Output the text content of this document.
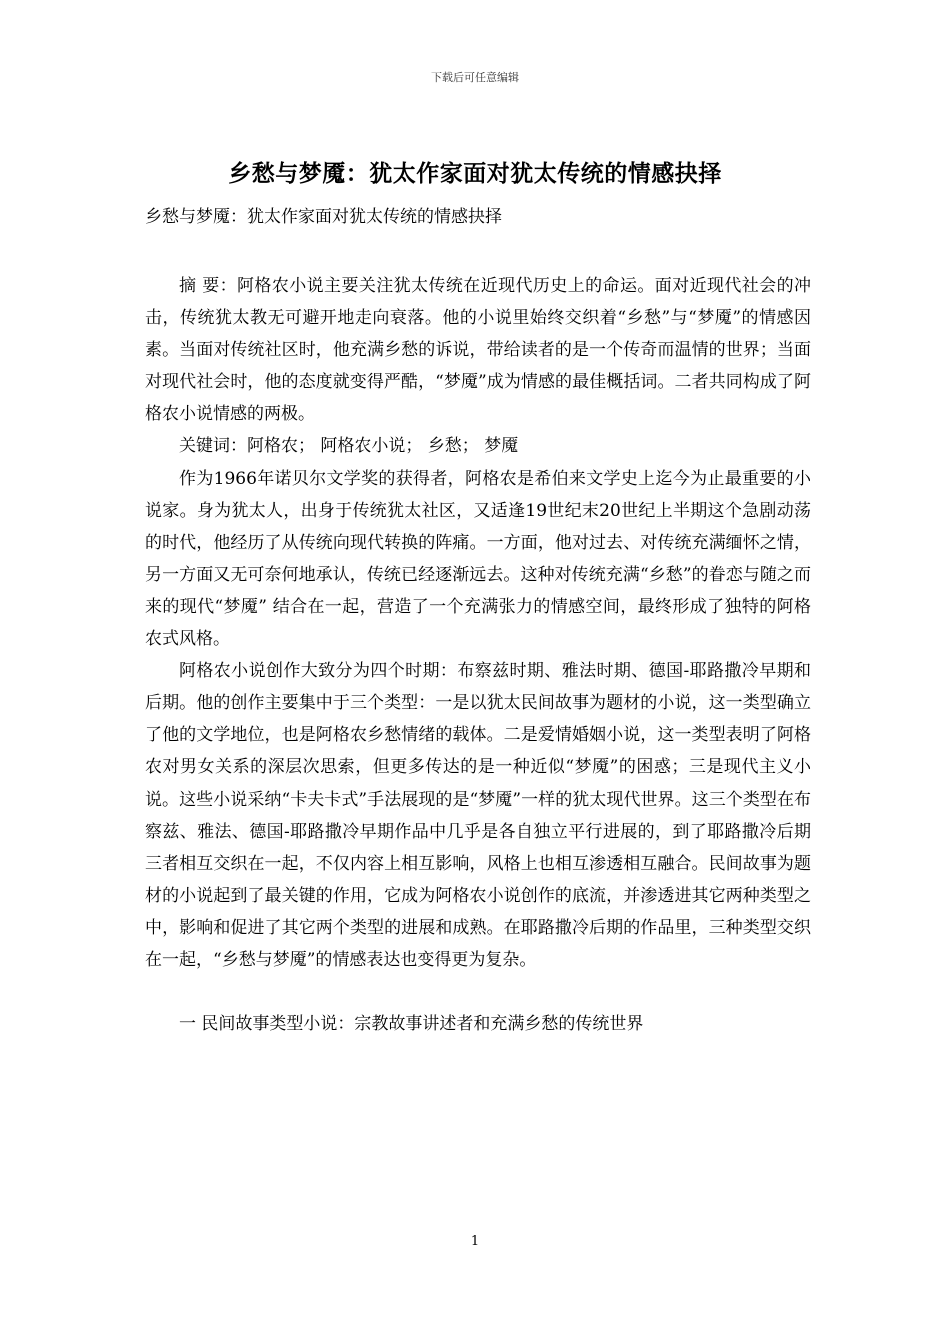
下载后可任意编辑
乡愁与梦魇：犹太作家面对犹太传统的情感抉择
乡愁与梦魇：犹太作家面对犹太传统的情感抉择

摘 要：阿格农小说主要关注犹太传统在近现代历史上的命运。面对近现代社会的冲击，传统犹太教无可避开地走向衰落。他的小说里始终交织着“乡愁”与“梦魇”的情感因素。当面对传统社区时，他充满乡愁的诉说，带给读者的是一个传奇而温情的世界；当面对现代社会时，他的态度就变得严酷，“梦魇”成为情感的最佳概括词。二者共同构成了阿格农小说情感的两极。

关键词：阿格农； 阿格农小说； 乡愁； 梦魇

作为1966年诺贝尔文学奖的获得者，阿格农是希伯来文学史上迄今为止最重要的小说家。身为犹太人，出身于传统犹太社区，又适逢19世纪末20世纪上半期这个急剧动荡的时代，他经历了从传统向现代转换的阵痛。一方面，他对过去、对传统充满缅怀之情，另一方面又无可奈何地承认，传统已经逐渐远去。这种对传统充满“乡愁”的眷恋与随之而来的现代“梦魇” 结合在一起，营造了一个充满张力的情感空间，最终形成了独特的阿格农式风格。

阿格农小说创作大致分为四个时期：布察兹时期、雅法时期、德国-耶路撒冷早期和后期。他的创作主要集中于三个类型：一是以犹太民间故事为题材的小说，这一类型确立了他的文学地位，也是阿格农乡愁情绪的载体。二是爱情婚姻小说，这一类型表明了阿格农对男女关系的深层次思索，但更多传达的是一种近似“梦魇”的困惑；三是现代主义小说。这些小说采纳“卡夫卡式”手法展现的是“梦魇”一样的犹太现代世界。这三个类型在布察兹、雅法、德国-耶路撒冷早期作品中几乎是各自独立平行进展的，到了耶路撒冷后期三者相互交织在一起，不仅内容上相互影响，风格上也相互渗透相互融合。民间故事为题材的小说起到了最关键的作用，它成为阿格农小说创作的底流，并渗透进其它两种类型之中，影响和促进了其它两个类型的进展和成熟。在耶路撒冷后期的作品里，三种类型交织在一起，“乡愁与梦魇”的情感表达也变得更为复杂。

一 民间故事类型小说：宗教故事讲述者和充满乡愁的传统世界

1
